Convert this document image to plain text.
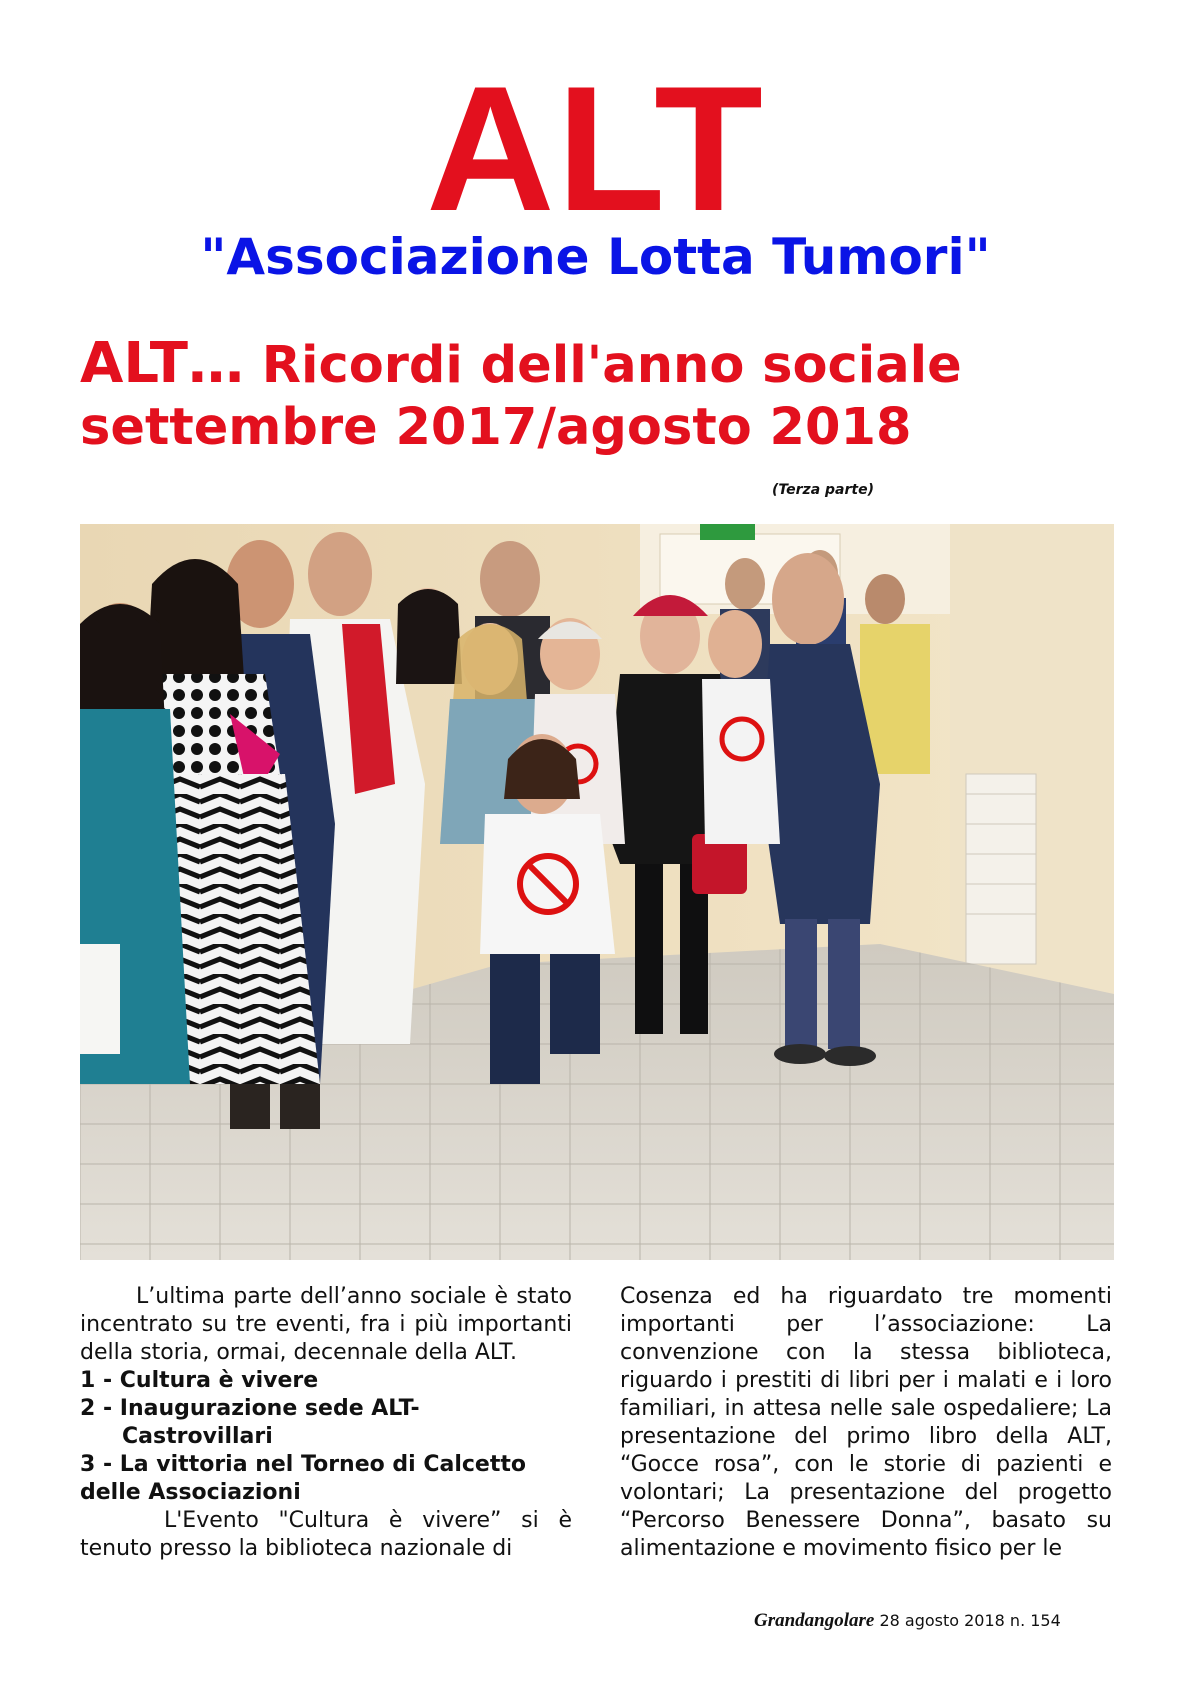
ALT
"Associazione Lotta Tumori"
ALT… Ricordi dell'anno sociale settembre 2017/agosto 2018
(Terza parte)

L’ultima parte dell’anno sociale è stato incentrato su tre eventi, fra i più importanti della storia, ormai, decennale della ALT.

1 - Cultura è vivere

2 - Inaugurazione sede ALT-
Castrovillari

3 - La vittoria nel Torneo di Calcetto delle Associazioni

L'Evento "Cultura è vivere” si è tenuto presso la biblioteca nazionale di

Cosenza ed ha riguardato tre momenti importanti per l’associazione: La convenzione con la stessa biblioteca, riguardo i prestiti di libri per i malati e i loro familiari, in attesa nelle sale ospedaliere; La presentazione del primo libro della ALT, “Gocce rosa”, con le storie di pazienti e volontari; La presentazione del progetto “Percorso Benessere Donna”, basato su alimentazione e movimento fisico per le

Grandangolare 28 agosto 2018 n. 154
